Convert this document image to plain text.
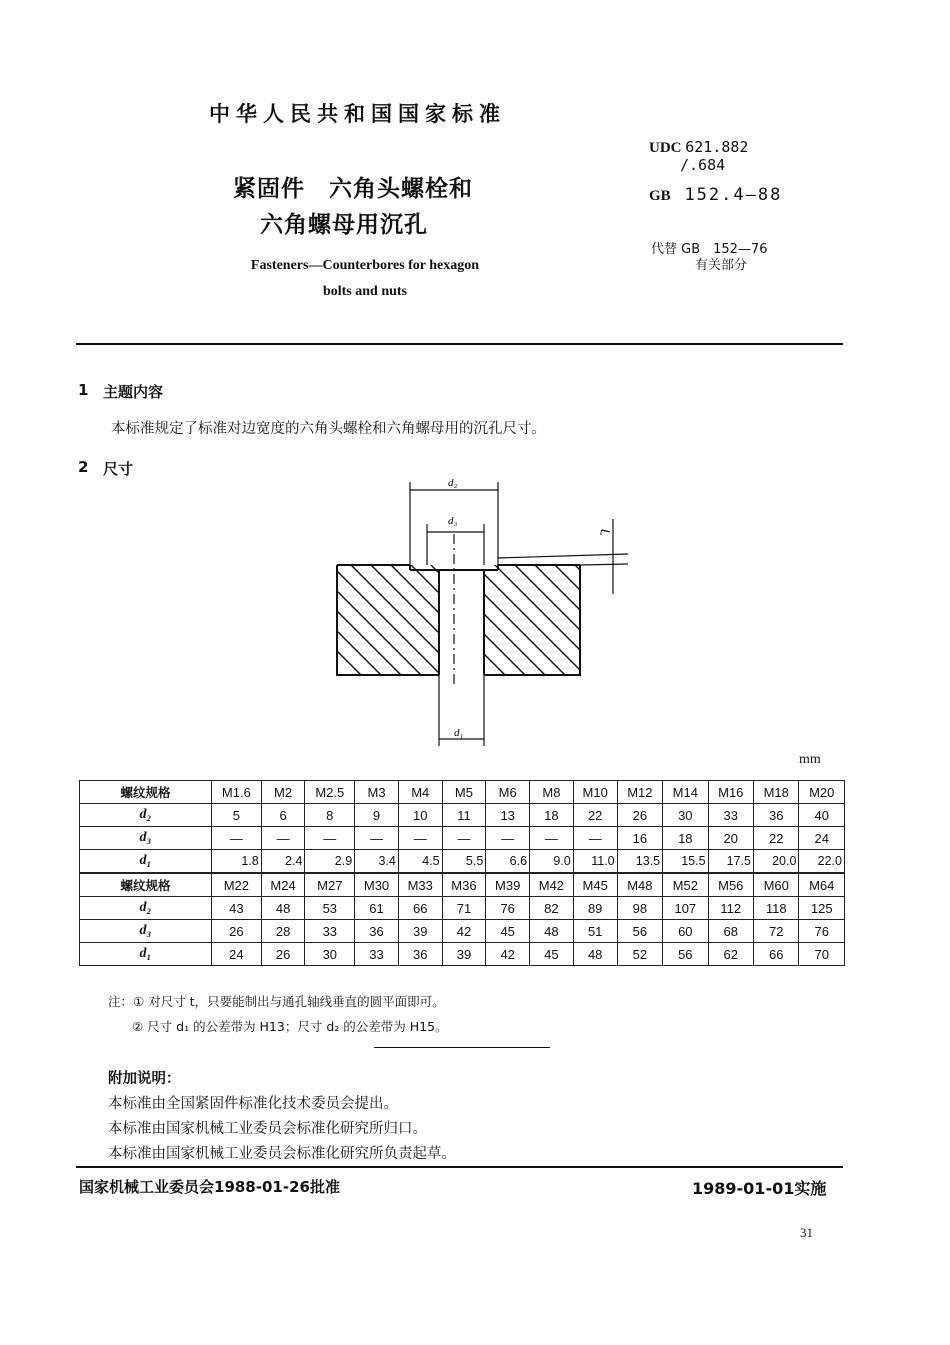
中华人民共和国国家标准
紧固件　六角头螺栓和
六角螺母用沉孔
Fasteners—Counterbores for hexagon
bolts and nuts
UDC 621.882
/.684
GB 152.4—88
代替 GB　152—76
有关部分
1 主题内容
本标准规定了标准对边宽度的六角头螺栓和六角螺母用的沉孔尺寸。
2 尺寸
d₂
d₃
d₁
t
mm
螺纹规格	M1.6	M2	M2.5	M3	M4	M5	M6	M8	M10	M12	M14	M16	M18	M20
d₂	5	6	8	9	10	11	13	18	22	26	30	33	36	40
d₃	—	—	—	—	—	—	—	—	—	16	18	20	22	24
d₁	1.8	2.4	2.9	3.4	4.5	5.5	6.6	9.0	11.0	13.5	15.5	17.5	20.0	22.0
螺纹规格	M22	M24	M27	M30	M33	M36	M39	M42	M45	M48	M52	M56	M60	M64
d₂	43	48	53	61	66	71	76	82	89	98	107	112	118	125
d₃	26	28	33	36	39	42	45	48	51	56	60	68	72	76
d₁	24	26	30	33	36	39	42	45	48	52	56	62	66	70
注：① 对尺寸 t，只要能制出与通孔轴线垂直的圆平面即可。
② 尺寸 d₁ 的公差带为 H13；尺寸 d₂ 的公差带为 H15。
附加说明：
本标准由全国紧固件标准化技术委员会提出。
本标准由国家机械工业委员会标准化研究所归口。
本标准由国家机械工业委员会标准化研究所负责起草。
国家机械工业委员会1988-01-26批准	1989-01-01实施
31
